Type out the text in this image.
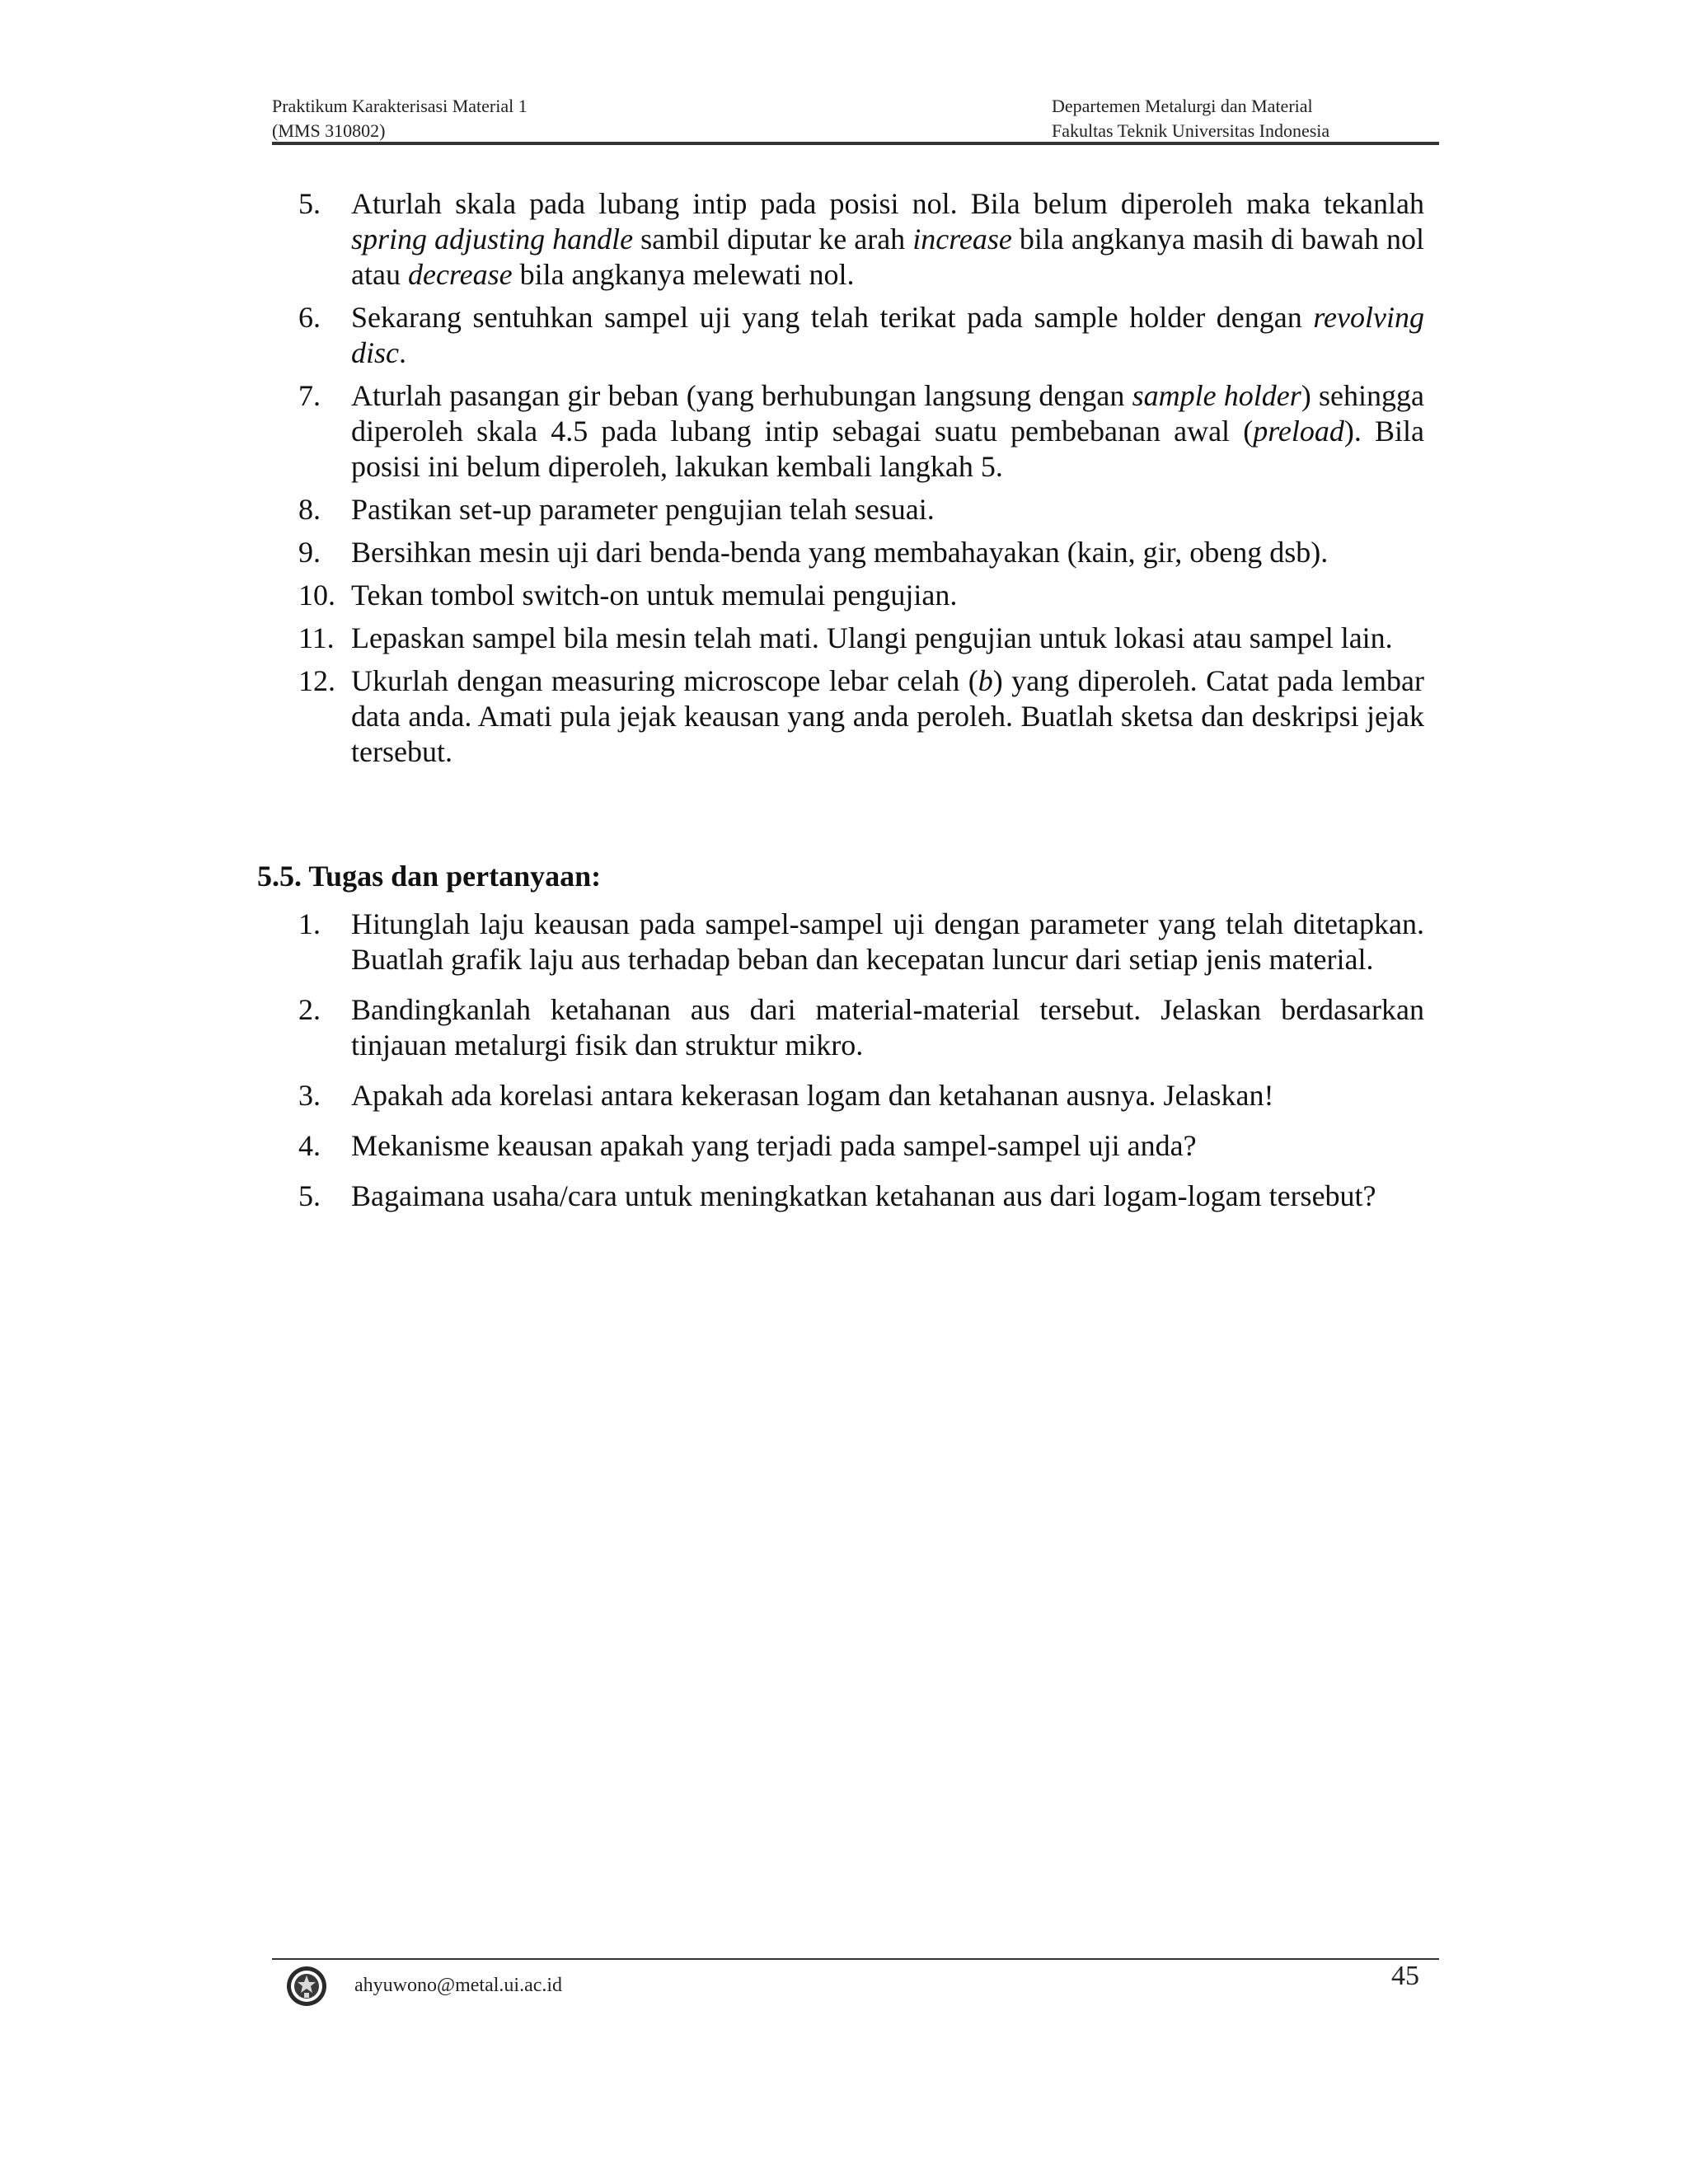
Praktikum Karakterisasi Material 1
(MMS 310802)
Departemen Metalurgi dan Material
Fakultas Teknik Universitas Indonesia
5.	Aturlah skala pada lubang intip pada posisi nol. Bila belum diperoleh maka tekanlah spring adjusting handle sambil diputar ke arah increase bila angkanya masih di bawah nol atau decrease bila angkanya melewati nol.
6.	Sekarang sentuhkan sampel uji yang telah terikat pada sample holder dengan revolving disc.
7.	Aturlah pasangan gir beban (yang berhubungan langsung dengan sample holder) sehingga diperoleh skala 4.5 pada lubang intip sebagai suatu pembebanan awal (preload). Bila posisi ini belum diperoleh, lakukan kembali langkah 5.
8.	Pastikan set-up parameter pengujian telah sesuai.
9.	Bersihkan mesin uji dari benda-benda yang membahayakan (kain, gir, obeng dsb).
10. Tekan tombol switch-on untuk memulai pengujian.
11. Lepaskan sampel bila mesin telah mati. Ulangi pengujian untuk lokasi atau sampel lain.
12. Ukurlah dengan measuring microscope lebar celah (b) yang diperoleh. Catat pada lembar data anda. Amati pula jejak keausan yang anda peroleh. Buatlah sketsa dan deskripsi jejak tersebut.
5.5. Tugas dan pertanyaan:
1.	Hitunglah laju keausan pada sampel-sampel uji dengan parameter yang telah ditetapkan. Buatlah grafik laju aus terhadap beban dan kecepatan luncur dari setiap jenis material.
2.	Bandingkanlah ketahanan aus dari material-material tersebut. Jelaskan berdasarkan tinjauan metalurgi fisik dan struktur mikro.
3.	Apakah ada korelasi antara kekerasan logam dan ketahanan ausnya. Jelaskan!
4.	Mekanisme keausan apakah yang terjadi pada sampel-sampel uji anda?
5.	Bagaimana usaha/cara untuk meningkatkan ketahanan aus dari logam-logam tersebut?
ahyuwono@metal.ui.ac.id	45
